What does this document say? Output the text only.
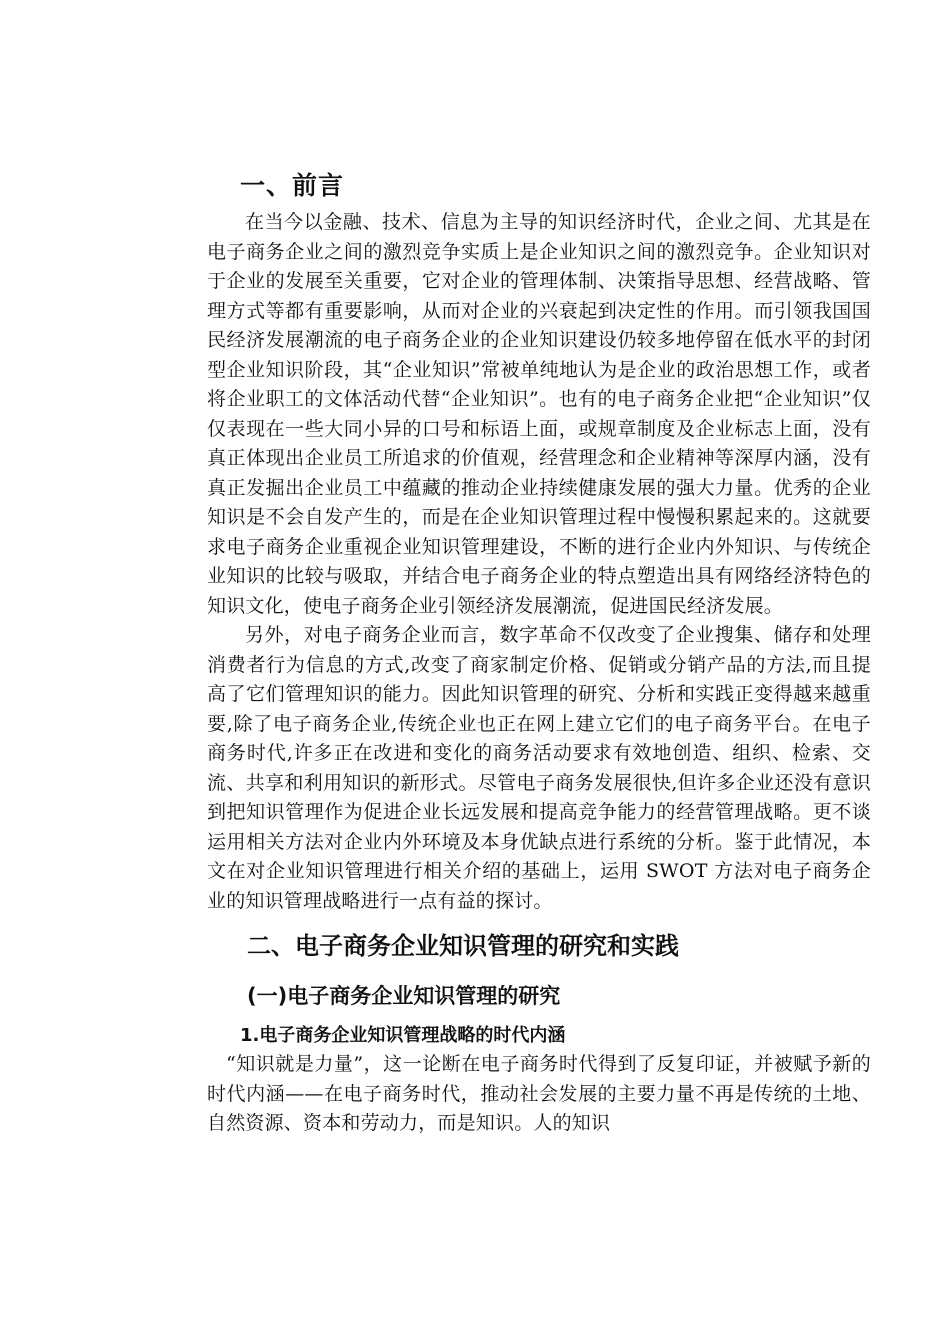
一、前言

在当今以金融、技术、信息为主导的知识经济时代，企业之间、尤其是在电子商务企业之间的激烈竞争实质上是企业知识之间的激烈竞争。企业知识对于企业的发展至关重要，它对企业的管理体制、决策指导思想、经营战略、管理方式等都有重要影响，从而对企业的兴衰起到决定性的作用。而引领我国国民经济发展潮流的电子商务企业的企业知识建设仍较多地停留在低水平的封闭型企业知识阶段，其“企业知识”常被单纯地认为是企业的政治思想工作，或者将企业职工的文体活动代替“企业知识”。也有的电子商务企业把“企业知识”仅仅表现在一些大同小异的口号和标语上面，或规章制度及企业标志上面，没有真正体现出企业员工所追求的价值观，经营理念和企业精神等深厚内涵，没有真正发掘出企业员工中蕴藏的推动企业持续健康发展的强大力量。优秀的企业知识是不会自发产生的，而是在企业知识管理过程中慢慢积累起来的。这就要求电子商务企业重视企业知识管理建设，不断的进行企业内外知识、与传统企业知识的比较与吸取，并结合电子商务企业的特点塑造出具有网络经济特色的知识文化，使电子商务企业引领经济发展潮流，促进国民经济发展。

另外，对电子商务企业而言，数字革命不仅改变了企业搜集、储存和处理消费者行为信息的方式,改变了商家制定价格、促销或分销产品的方法,而且提高了它们管理知识的能力。因此知识管理的研究、分析和实践正变得越来越重要,除了电子商务企业,传统企业也正在网上建立它们的电子商务平台。在电子商务时代,许多正在改进和变化的商务活动要求有效地创造、组织、检索、交流、共享和利用知识的新形式。尽管电子商务发展很快,但许多企业还没有意识到把知识管理作为促进企业长远发展和提高竞争能力的经营管理战略。更不谈运用相关方法对企业内外环境及本身优缺点进行系统的分析。鉴于此情况，本文在对企业知识管理进行相关介绍的基础上，运用 SWOT 方法对电子商务企业的知识管理战略进行一点有益的探讨。

二、电子商务企业知识管理的研究和实践
(一)电子商务企业知识管理的研究
1.电子商务企业知识管理战略的时代内涵

“知识就是力量”，这一论断在电子商务时代得到了反复印证，并被赋予新的时代内涵——在电子商务时代，推动社会发展的主要力量不再是传统的土地、自然资源、资本和劳动力，而是知识。人的知识
